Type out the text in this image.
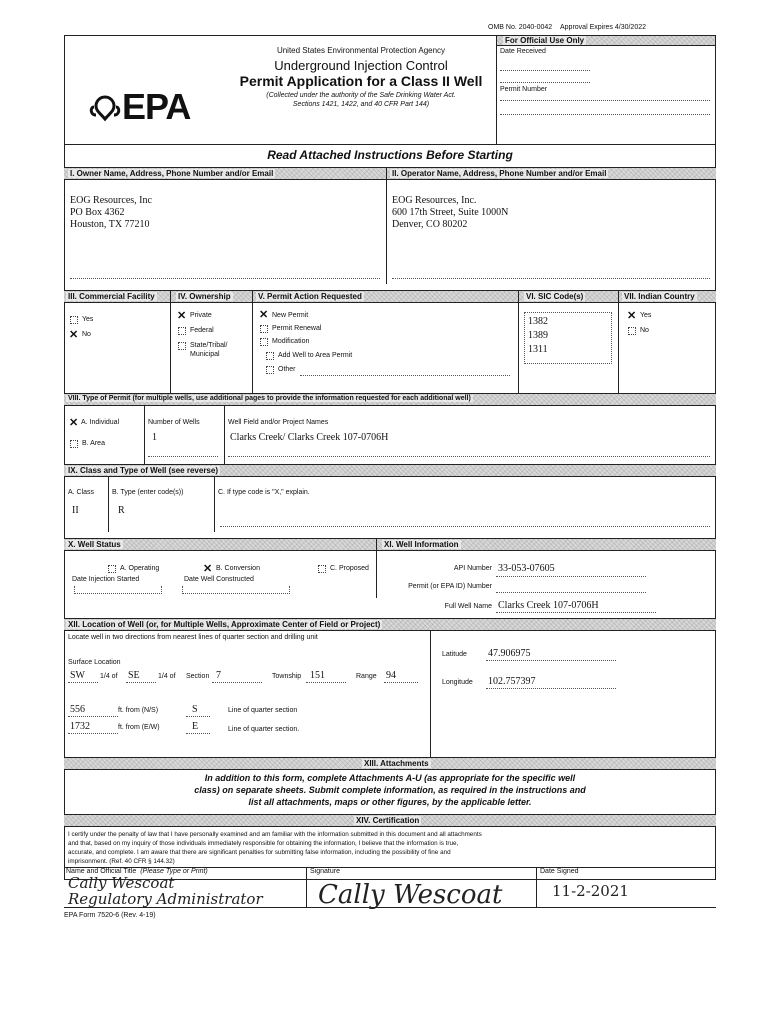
OMB No. 2040-0042 Approval Expires 4/30/2022
EPA
United States Environmental Protection Agency
Underground Injection Control
Permit Application for a Class II Well
(Collected under the authority of the Safe Drinking Water Act.
Sections 1421, 1422, and 40 CFR Part 144)
For Official Use Only
Date Received
Permit Number
Read Attached Instructions Before Starting
I. Owner Name, Address, Phone Number and/or Email	II. Operator Name, Address, Phone Number and/or Email
EOG Resources, Inc
PO Box 4362
Houston, TX 77210
EOG Resources, Inc.
600 17th Street, Suite 1000N
Denver, CO 80202
III. Commercial Facility	IV. Ownership	V. Permit Action Requested	VI. SIC Code(s)	VII. Indian Country
Yes
✕ No
✕ Private
Federal
State/Tribal/
Municipal
✕ New Permit
Permit Renewal
Modification
Add Well to Area Permit
Other
1382
1389
1311
✕ Yes
No
VIII. Type of Permit (for multiple wells, use additional pages to provide the information requested for each additional well)
✕ A. Individual
B. Area
Number of Wells
1
Well Field and/or Project Names
Clarks Creek/ Clarks Creek 107-0706H
IX. Class and Type of Well (see reverse)
A. Class
II
B. Type (enter code(s))
R
C. If type code is "X," explain.
X. Well Status	XI. Well Information
A. Operating	✕ B. Conversion	C. Proposed
Date Injection Started	Date Well Constructed
API Number 33-053-07605
Permit (or EPA ID) Number
Full Well Name Clarks Creek 107-0706H
XII. Location of Well (or, for Multiple Wells, Approximate Center of Field or Project)
Locate well in two directions from nearest lines of quarter section and drilling unit
Surface Location
SW 1/4 of SE	1/4 of Section 7	Township 151	Range 94
556	ft. from (N/S)	S	Line of quarter section
1732	ft. from (E/W)	E	Line of quarter section.
Latitude 47.906975
Longitude 102.757397
XIII. Attachments
In addition to this form, complete Attachments A-U (as appropriate for the specific well
class) on separate sheets. Submit complete information, as required in the instructions and
list all attachments, maps or other figures, by the applicable letter.
XIV. Certification
I certify under the penalty of law that I have personally examined and am familiar with the information submitted in this document and all attachments
and that, based on my inquiry of those individuals immediately responsible for obtaining the information, I believe that the information is true,
accurate, and complete. I am aware that there are significant penalties for submitting false information, including the possibility of fine and
imprisonment. (Ref. 40 CFR § 144.32)
Name and Official Title (Please Type or Print)
Cally Wescoat
Regulatory Administrator
Signature
Cally Wescoat
Date Signed
11-2-2021
EPA Form 7520-6 (Rev. 4-19)
